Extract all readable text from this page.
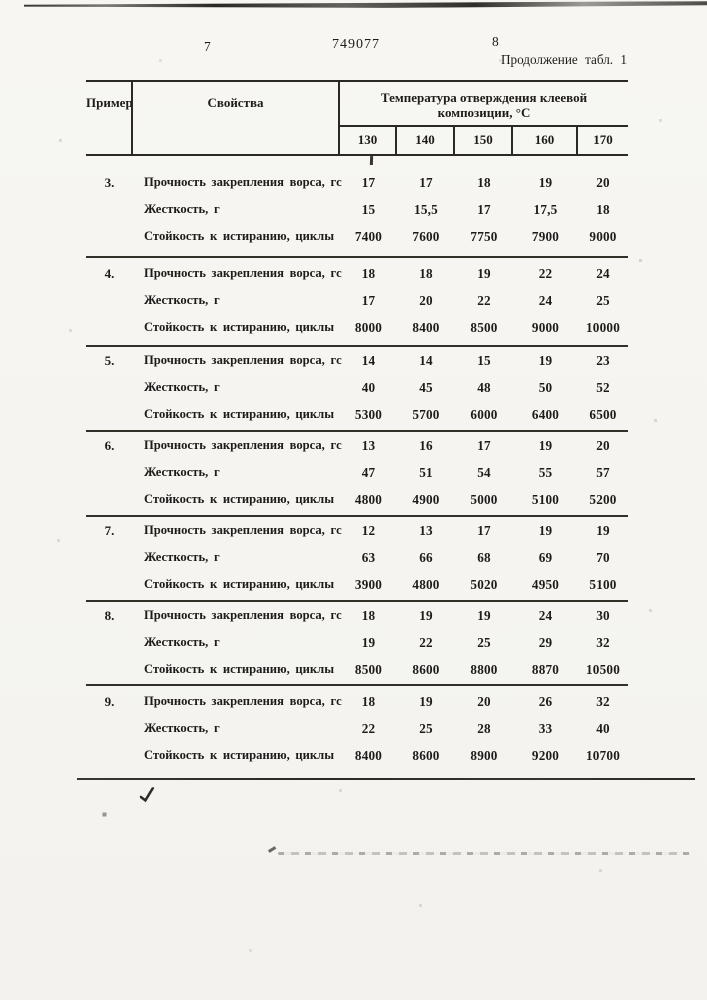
7	749077	8
Продолжение табл. 1
Пример	Свойства	Температура отверждения клеевой композиции, °С
130	140	150	160	170
3.	Прочность закрепления ворса, гс	17	17	18	19	20
Жесткость, г	15	15,5	17	17,5	18
Стойкость к истиранию, циклы	7400	7600	7750	7900	9000
4.	Прочность закрепления ворса, гс	18	18	19	22	24
Жесткость, г	17	20	22	24	25
Стойкость к истиранию, циклы	8000	8400	8500	9000	10000
5.	Прочность закрепления ворса, гс	14	14	15	19	23
Жесткость, г	40	45	48	50	52
Стойкость к истиранию, циклы	5300	5700	6000	6400	6500
6.	Прочность закрепления ворса, гс	13	16	17	19	20
Жесткость, г	47	51	54	55	57
Стойкость к истиранию, циклы	4800	4900	5000	5100	5200
7.	Прочность закрепления ворса, гс	12	13	17	19	19
Жесткость, г	63	66	68	69	70
Стойкость к истиранию, циклы	3900	4800	5020	4950	5100
8.	Прочность закрепления ворса, гс	18	19	19	24	30
Жесткость, г	19	22	25	29	32
Стойкость к истиранию, циклы	8500	8600	8800	8870	10500
9.	Прочность закрепления ворса, гс	18	19	20	26	32
Жесткость, г	22	25	28	33	40
Стойкость к истиранию, циклы	8400	8600	8900	9200	10700
